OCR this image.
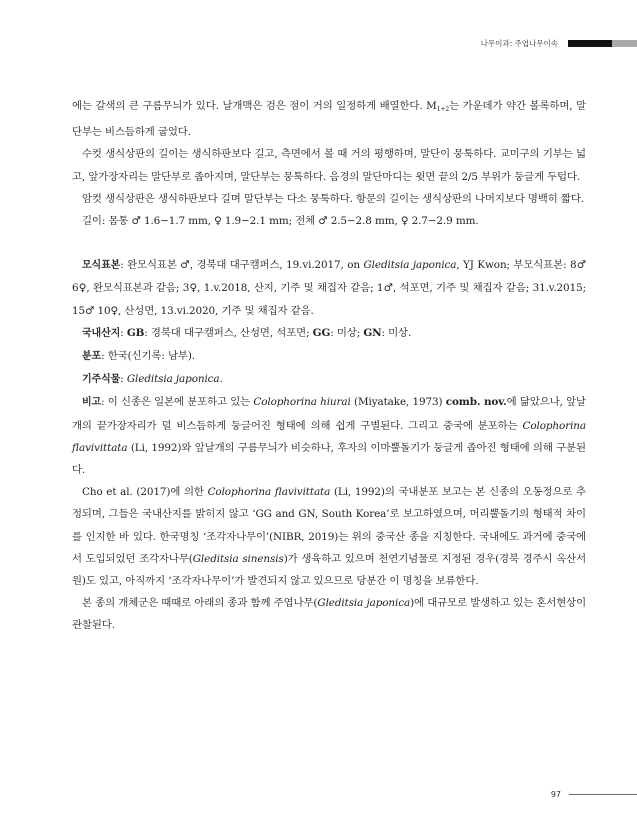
나무이과: 주엽나무이속

에는 갈색의 큰 구름무늬가 있다. 날개맥은 검은 점이 거의 일정하게 배열한다. $M_{1+2}$는 가운데가 약간 볼록하며, 말단부는 비스듬하게 굽었다.

수컷 생식상판의 길이는 생식하판보다 길고, 측면에서 볼 때 거의 평행하며, 말단이 뭉툭하다. 교미구의 기부는 넓고, 앞가장자리는 말단부로 좁아지며, 말단부는 뭉툭하다. 음경의 말단마디는 윗면 끝의 2/5 부위가 둥글게 두텁다.

암컷 생식상판은 생식하판보다 길며 말단부는 다소 뭉툭하다. 항문의 길이는 생식상판의 나머지보다 명백히 짧다.

길이: 몸통 ♂ 1.6−1.7 mm, ♀ 1.9−2.1 mm; 전체 ♂ 2.5−2.8 mm, ♀ 2.7−2.9 mm.

모식표본: 완모식표본 ♂, 경북대 대구캠퍼스, 19.vi.2017, on Gleditsia japonica, YJ Kwon; 부모식표본: 8♂ 6♀, 완모식표본과 같음; 3♀, 1.v.2018, 산지, 기주 및 채집자 같음; 1♂, 석포면, 기주 및 채집자 같음; 31.v.2015; 15♂ 10♀, 산성면, 13.vi.2020, 기주 및 채집자 같음.

국내산지: GB: 경북대 대구캠퍼스, 산성면, 석포면; GG: 미상; GN: 미상.

분포: 한국(신기록: 남부).

기주식물: Gleditsia japonica.

비고: 이 신종은 일본에 분포하고 있는 Colophorina hiurai (Miyatake, 1973) comb. nov.에 닮았으나, 앞날개의 끝가장자리가 덜 비스듬하게 둥글어진 형태에 의해 쉽게 구별된다. 그리고 중국에 분포하는 Colophorina flavivittata (Li, 1992)와 앞날개의 구름무늬가 비슷하나, 후자의 이마뿔돌기가 둥글게 좁아진 형태에 의해 구분된다.

Cho et al. (2017)에 의한 Colophorina flavivittata (Li, 1992)의 국내분포 보고는 본 신종의 오동정으로 추정되며, 그들은 국내산지를 밝히지 않고 ‘GG and GN, South Korea’로 보고하였으며, 머리뿔돌기의 형태적 차이를 인지한 바 있다. 한국명칭 ‘조각자나무이’(NIBR, 2019)는 위의 중국산 종을 지칭한다. 국내에도 과거에 중국에서 도입되었던 조각자나무(Gleditsia sinensis)가 생육하고 있으며 천연기념물로 지정된 경우(경북 경주시 옥산서원)도 있고, 아직까지 ‘조각자나무이’가 발견되지 않고 있으므로 당분간 이 명칭을 보류한다.

본 종의 개체군은 때때로 아래의 종과 함께 주엽나무(Gleditsia japonica)에 대규모로 발생하고 있는 혼서현상이 관찰된다.

97
